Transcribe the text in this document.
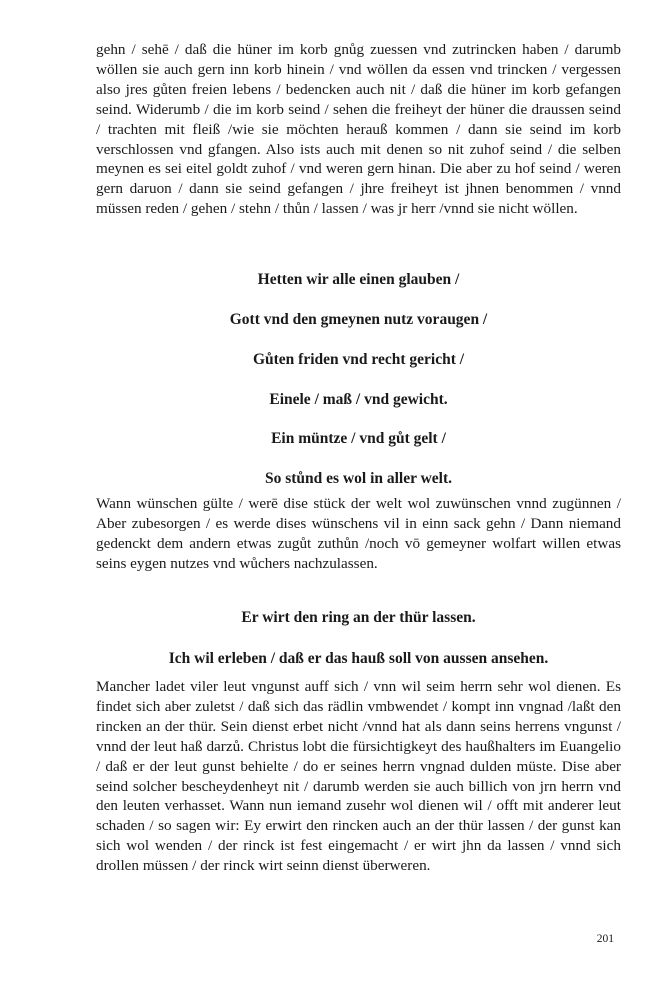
gehn / sehē / daß die hüner im korb gnůg zuessen vnd zutrincken haben / darumb wöllen sie auch gern inn korb hinein / vnd wöllen da essen vnd trincken / vergessen also jres gůten freien lebens / bedencken auch nit / daß die hüner im korb gefangen seind. Widerumb / die im korb seind / sehen die freiheyt der hüner die draussen seind / trachten mit fleiß /wie sie möchten herauß kommen / dann sie seind im korb verschlossen vnd gfangen. Also ists auch mit denen so nit zuhof seind / die selben meynen es sei eitel goldt zuhof / vnd weren gern hinan. Die aber zu hof seind / weren gern daruon / dann sie seind gefangen / jhre freiheyt ist jhnen benommen / vnnd müssen reden / gehen / stehn / thůn / lassen / was jr herr /vnnd sie nicht wöllen.

Hetten wir alle einen glauben /
Gott vnd den gmeynen nutz voraugen /
Gůten friden vnd recht gericht /
Einele / maß / vnd gewicht.
Ein müntze / vnd gůt gelt /
So stůnd es wol in aller welt.

Wann wünschen gülte / werē dise stück der welt wol zuwünschen vnnd zugünnen / Aber zubesorgen / es werde dises wünschens vil in einn sack gehn / Dann niemand gedenckt dem andern etwas zugůt zuthůn /noch vō gemeyner wolfart willen etwas seins eygen nutzes vnd wůchers nachzulassen.

Er wirt den ring an der thür lassen.
Ich wil erleben / daß er das hauß soll von aussen ansehen.

Mancher ladet viler leut vngunst auff sich / vnn wil seim herrn sehr wol dienen. Es findet sich aber zuletst / daß sich das rädlin vmbwendet / kompt inn vngnad /laßt den rincken an der thür. Sein dienst erbet nicht /vnnd hat als dann seins herrens vngunst / vnnd der leut haß darzů. Christus lobt die fürsichtigkeyt des haußhalters im Euangelio / daß er der leut gunst behielte / do er seines herrn vngnad dulden müste. Dise aber seind solcher bescheydenheyt nit / darumb werden sie auch billich von jrn herrn vnd den leuten verhasset. Wann nun iemand zusehr wol dienen wil / offt mit anderer leut schaden / so sagen wir: Ey erwirt den rincken auch an der thür lassen / der gunst kan sich wol wenden / der rinck ist fest eingemacht / er wirt jhn da lassen / vnnd sich drollen müssen / der rinck wirt seinn dienst überweren.

201
